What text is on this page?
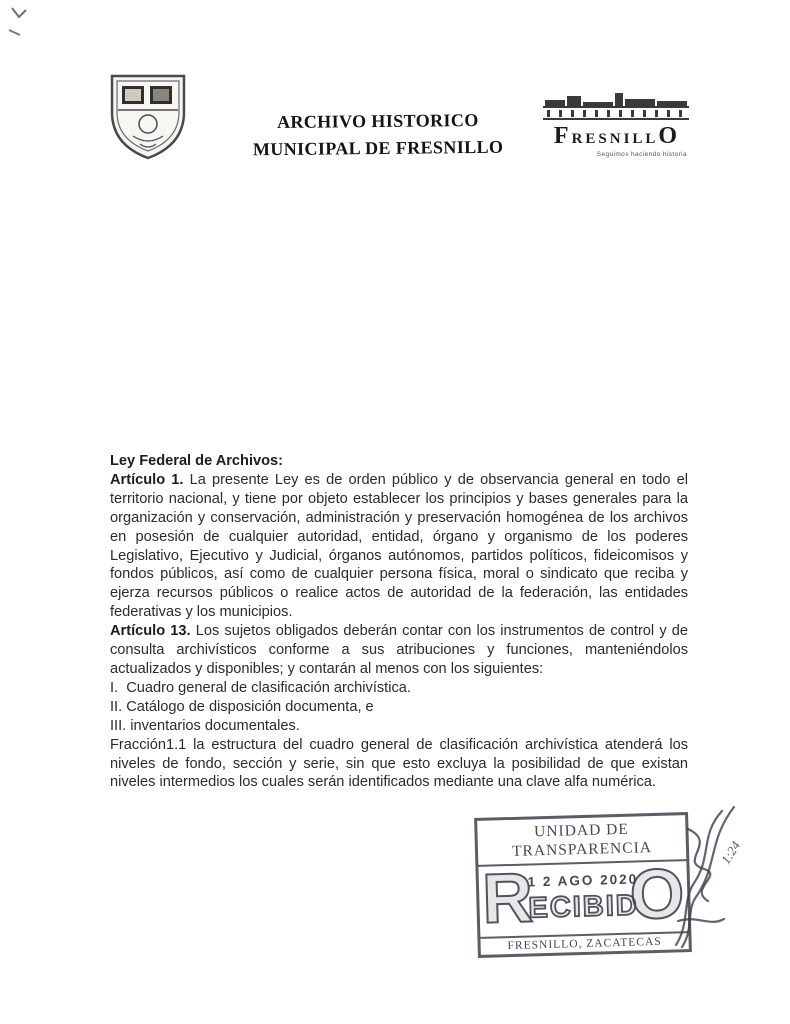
ARCHIVO HISTORICO
MUNICIPAL DE FRESNILLO	FRESNILLO
Seguimos haciendo historia

Ley Federal de Archivos:

Artículo 1. La presente Ley es de orden público y de observancia general en todo el territorio nacional, y tiene por objeto establecer los principios y bases generales para la organización y conservación, administración y preservación homogénea de los archivos en posesión de cualquier autoridad, entidad, órgano y organismo de los poderes Legislativo, Ejecutivo y Judicial, órganos autónomos, partidos políticos, fideicomisos y fondos públicos, así como de cualquier persona física, moral o sindicato que reciba y ejerza recursos públicos o realice actos de autoridad de la federación, las entidades federativas y los municipios.

Artículo 13. Los sujetos obligados deberán contar con los instrumentos de control y de consulta archivísticos conforme a sus atribuciones y funciones, manteniéndolos actualizados y disponibles; y contarán al menos con los siguientes:

I.  Cuadro general de clasificación archivística.
II. Catálogo de disposición documenta, e
III. inventarios documentales.

Fracción1.1 la estructura del cuadro general de clasificación archivística atenderá los niveles de fondo, sección y serie, sin que esto excluya la posibilidad de que existan niveles intermedios los cuales serán identificados mediante una clave alfa numérica.

UNIDAD DE
TRANSPARENCIA
R
1 2 AGO 2020
ECIBID
O
FRESNILLO, ZACATECAS
1:24
